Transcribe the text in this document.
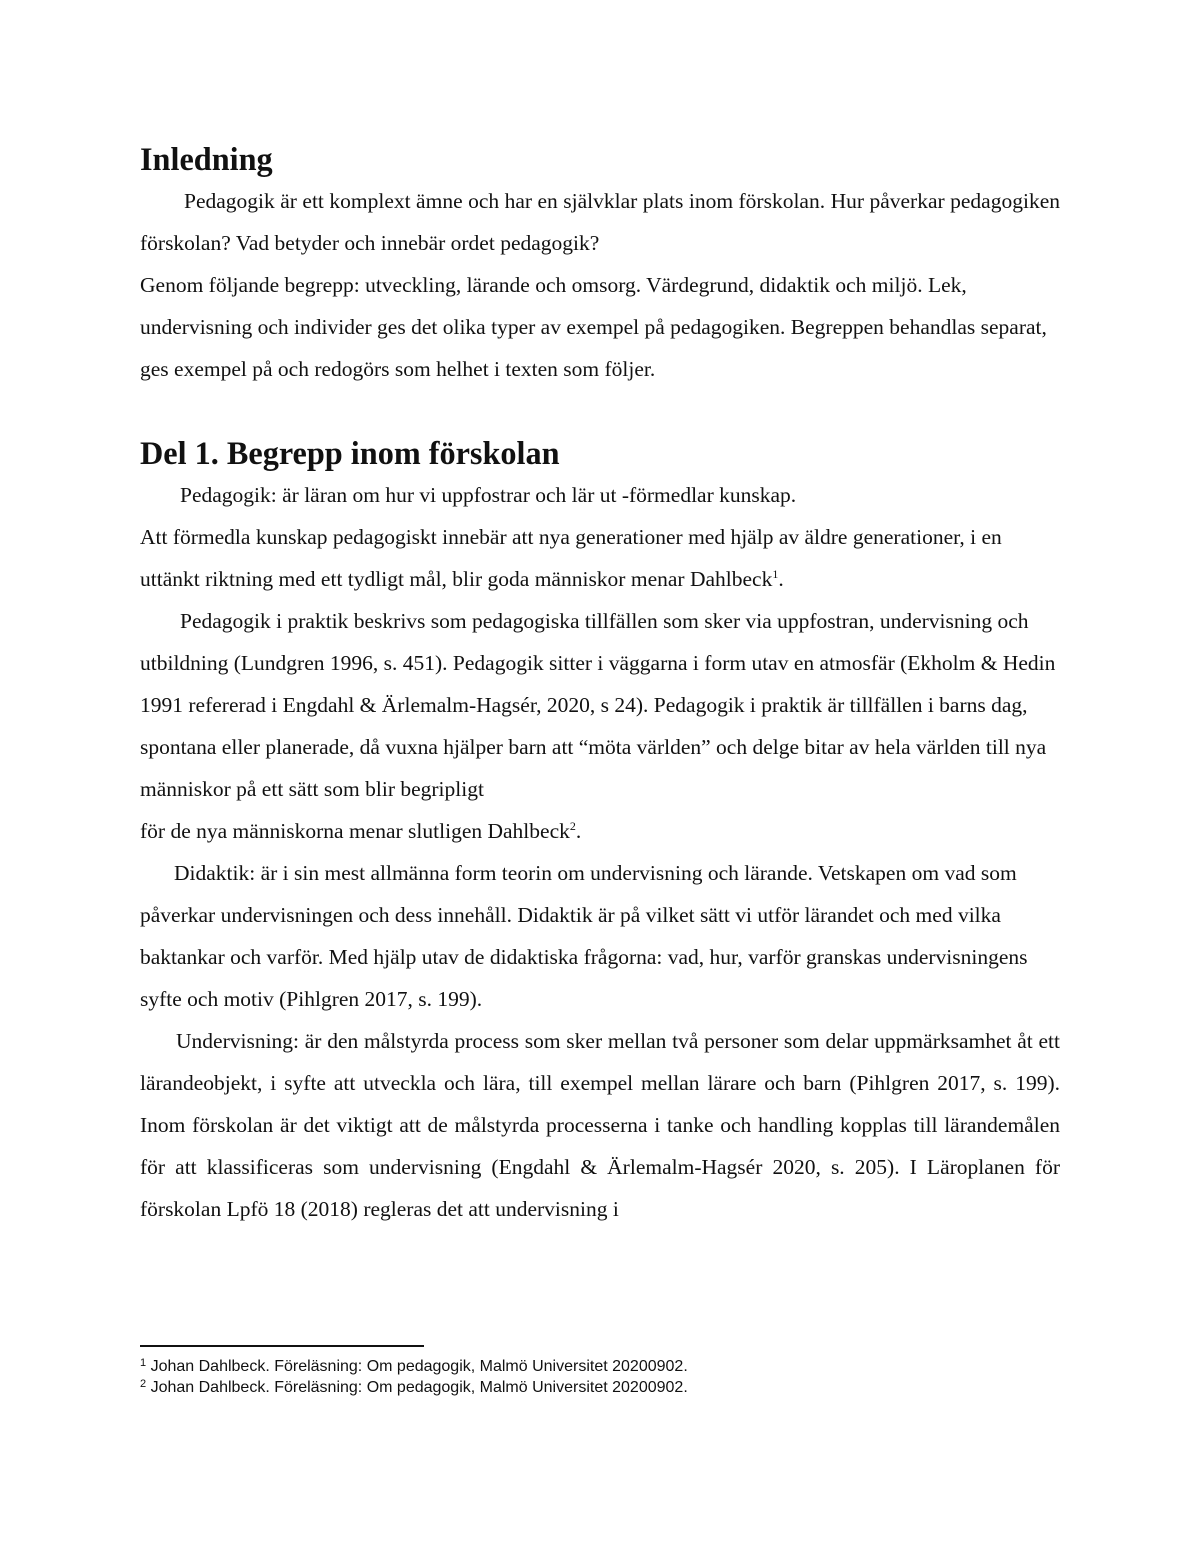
Inledning

Pedagogik är ett komplext ämne och har en självklar plats inom förskolan. Hur påverkar pedagogiken förskolan? Vad betyder och innebär ordet pedagogik?

Genom följande begrepp: utveckling, lärande och omsorg. Värdegrund, didaktik och miljö. Lek, undervisning och individer ges det olika typer av exempel på pedagogiken. Begreppen behandlas separat, ges exempel på och redogörs som helhet i texten som följer.

Del 1. Begrepp inom förskolan

Pedagogik: är läran om hur vi uppfostrar och lär ut -förmedlar kunskap.

Att förmedla kunskap pedagogiskt innebär att nya generationer med hjälp av äldre generationer, i en uttänkt riktning med ett tydligt mål, blir goda människor menar Dahlbeck$^1$.

Pedagogik i praktik beskrivs som pedagogiska tillfällen som sker via uppfostran, undervisning och utbildning (Lundgren 1996, s. 451). Pedagogik sitter i väggarna i form utav en atmosfär (Ekholm & Hedin 1991 refererad i Engdahl & Ärlemalm-Hagsér, 2020, s 24). Pedagogik i praktik är tillfällen i barns dag, spontana eller planerade, då vuxna hjälper barn att “möta världen” och delge bitar av hela världen till nya människor på ett sätt som blir begripligt

för de nya människorna menar slutligen Dahlbeck$^2$.

Didaktik: är i sin mest allmänna form teorin om undervisning och lärande. Vetskapen om vad som påverkar undervisningen och dess innehåll. Didaktik är på vilket sätt vi utför lärandet och med vilka baktankar och varför. Med hjälp utav de didaktiska frågorna: vad, hur, varför granskas undervisningens syfte och motiv (Pihlgren 2017, s. 199).

Undervisning: är den målstyrda process som sker mellan två personer som delar uppmärksamhet åt ett lärandeobjekt, i syfte att utveckla och lära, till exempel mellan lärare och barn (Pihlgren 2017, s. 199). Inom förskolan är det viktigt att de målstyrda processerna i tanke och handling kopplas till lärandemålen för att klassificeras som undervisning (Engdahl & Ärlemalm-Hagsér 2020, s. 205). I Läroplanen för förskolan Lpfö 18 (2018) regleras det att undervisning i

$^1$ Johan Dahlbeck. Föreläsning: Om pedagogik, Malmö Universitet 20200902.
$^2$ Johan Dahlbeck. Föreläsning: Om pedagogik, Malmö Universitet 20200902.
